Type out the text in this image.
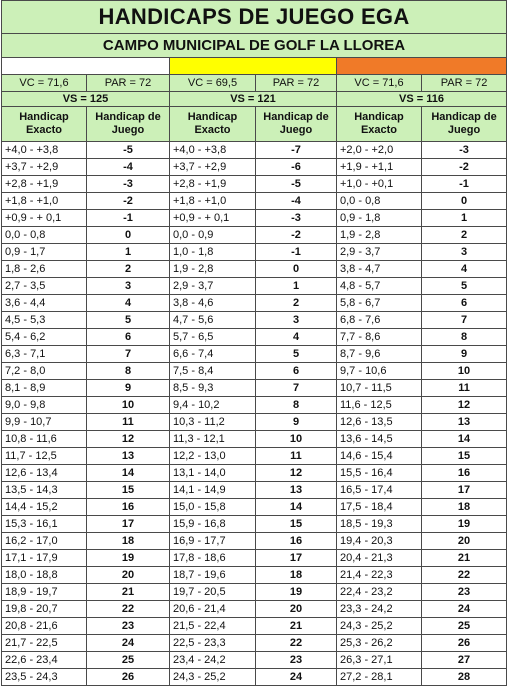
HANDICAPS DE JUEGO EGA					
CAMPO MUNICIPAL DE GOLF LA LLOREA					

VC = 71,6	PAR = 72	VC = 69,5	PAR = 72	VC = 71,6	PAR = 72
VS = 125		VS = 121		VS = 116	
Handicap Exacto	Handicap de Juego	Handicap Exacto	Handicap de Juego	Handicap Exacto	Handicap de Juego
+4,0 - +3,8	-5	+4,0 - +3,8	-7	+2,0 - +2,0	-3
+3,7 - +2,9	-4	+3,7 - +2,9	-6	+1,9 - +1,1	-2
+2,8 - +1,9	-3	+2,8 - +1,9	-5	+1,0 - +0,1	-1
+1,8 - +1,0	-2	+1,8 - +1,0	-4	0,0 - 0,8	0
+0,9 - + 0,1	-1	+0,9 - + 0,1	-3	0,9 - 1,8	1
0,0 - 0,8	0	0,0 - 0,9	-2	1,9 - 2,8	2
0,9 - 1,7	1	1,0 - 1,8	-1	2,9 - 3,7	3
1,8 - 2,6	2	1,9 - 2,8	0	3,8 - 4,7	4
2,7 - 3,5	3	2,9 - 3,7	1	4,8 - 5,7	5
3,6 - 4,4	4	3,8 - 4,6	2	5,8 - 6,7	6
4,5 - 5,3	5	4,7 - 5,6	3	6,8 - 7,6	7
5,4 - 6,2	6	5,7 - 6,5	4	7,7 - 8,6	8
6,3 - 7,1	7	6,6 - 7,4	5	8,7 - 9,6	9
7,2 - 8,0	8	7,5 - 8,4	6	9,7 - 10,6	10
8,1 - 8,9	9	8,5 - 9,3	7	10,7 - 11,5	11
9,0 - 9,8	10	9,4 - 10,2	8	11,6 - 12,5	12
9,9 - 10,7	11	10,3 - 11,2	9	12,6 - 13,5	13
10,8 - 11,6	12	11,3 - 12,1	10	13,6 - 14,5	14
11,7 - 12,5	13	12,2 - 13,0	11	14,6 - 15,4	15
12,6 - 13,4	14	13,1 - 14,0	12	15,5 - 16,4	16
13,5 - 14,3	15	14,1 - 14,9	13	16,5 - 17,4	17
14,4 - 15,2	16	15,0 - 15,8	14	17,5 - 18,4	18
15,3 - 16,1	17	15,9 - 16,8	15	18,5 - 19,3	19
16,2 - 17,0	18	16,9 - 17,7	16	19,4 - 20,3	20
17,1 - 17,9	19	17,8 - 18,6	17	20,4 - 21,3	21
18,0 - 18,8	20	18,7 - 19,6	18	21,4 - 22,3	22
18,9 - 19,7	21	19,7 - 20,5	19	22,4 - 23,2	23
19,8 - 20,7	22	20,6 - 21,4	20	23,3 - 24,2	24
20,8 - 21,6	23	21,5 - 22,4	21	24,3 - 25,2	25
21,7 - 22,5	24	22,5 - 23,3	22	25,3 - 26,2	26
22,6 - 23,4	25	23,4 - 24,2	23	26,3 - 27,1	27
23,5 - 24,3	26	24,3 - 25,2	24	27,2 - 28,1	28
